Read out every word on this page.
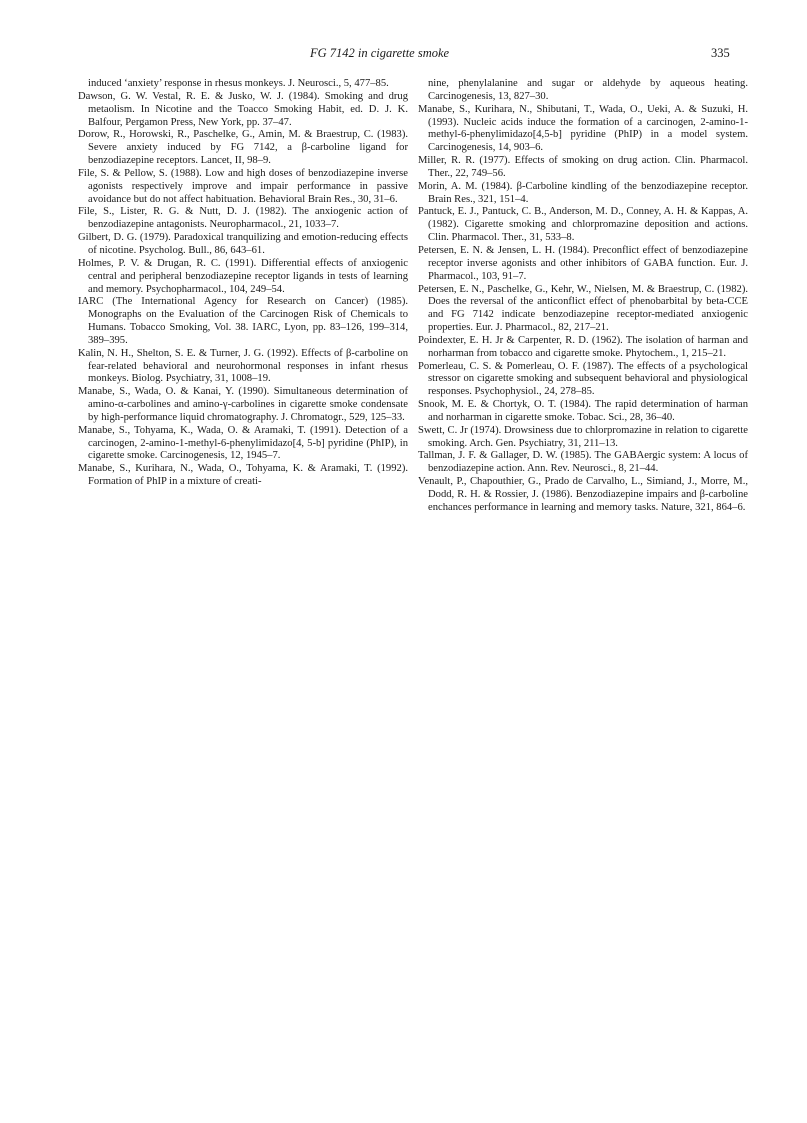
FG 7142 in cigarette smoke	335

induced ‘anxiety’ response in rhesus monkeys. J. Neurosci., 5, 477–85.

Dawson, G. W. Vestal, R. E. & Jusko, W. J. (1984). Smoking and drug metaolism. In Nicotine and the Toacco Smoking Habit, ed. D. J. K. Balfour, Pergamon Press, New York, pp. 37–47.

Dorow, R., Horowski, R., Paschelke, G., Amin, M. & Braestrup, C. (1983). Severe anxiety induced by FG 7142, a β-carboline ligand for benzodiazepine receptors. Lancet, II, 98–9.

File, S. & Pellow, S. (1988). Low and high doses of benzodiazepine inverse agonists respectively improve and impair performance in passive avoidance but do not affect habituation. Behavioral Brain Res., 30, 31–6.

File, S., Lister, R. G. & Nutt, D. J. (1982). The anxiogenic action of benzodiazepine antagonists. Neuropharmacol., 21, 1033–7.

Gilbert, D. G. (1979). Paradoxical tranquilizing and emotion-reducing effects of nicotine. Psycholog. Bull., 86, 643–61.

Holmes, P. V. & Drugan, R. C. (1991). Differential effects of anxiogenic central and peripheral benzodiazepine receptor ligands in tests of learning and memory. Psychopharmacol., 104, 249–54.

IARC (The International Agency for Research on Cancer) (1985). Monographs on the Evaluation of the Carcinogen Risk of Chemicals to Humans. Tobacco Smoking, Vol. 38. IARC, Lyon, pp. 83–126, 199–314, 389–395.

Kalin, N. H., Shelton, S. E. & Turner, J. G. (1992). Effects of β-carboline on fear-related behavioral and neurohormonal responses in infant rhesus monkeys. Biolog. Psychiatry, 31, 1008–19.

Manabe, S., Wada, O. & Kanai, Y. (1990). Simultaneous determination of amino-α-carbolines and amino-γ-carbolines in cigarette smoke condensate by high-performance liquid chromatography. J. Chromatogr., 529, 125–33.

Manabe, S., Tohyama, K., Wada, O. & Aramaki, T. (1991). Detection of a carcinogen, 2-amino-1-methyl-6-phenylimidazo[4, 5-b] pyridine (PhIP), in cigarette smoke. Carcinogenesis, 12, 1945–7.

Manabe, S., Kurihara, N., Wada, O., Tohyama, K. & Aramaki, T. (1992). Formation of PhIP in a mixture of creati-

nine, phenylalanine and sugar or aldehyde by aqueous heating. Carcinogenesis, 13, 827–30.

Manabe, S., Kurihara, N., Shibutani, T., Wada, O., Ueki, A. & Suzuki, H. (1993). Nucleic acids induce the formation of a carcinogen, 2-amino-1-methyl-6-phenylimidazo[4,5-b] pyridine (PhIP) in a model system. Carcinogenesis, 14, 903–6.

Miller, R. R. (1977). Effects of smoking on drug action. Clin. Pharmacol. Ther., 22, 749–56.

Morin, A. M. (1984). β-Carboline kindling of the benzodiazepine receptor. Brain Res., 321, 151–4.

Pantuck, E. J., Pantuck, C. B., Anderson, M. D., Conney, A. H. & Kappas, A. (1982). Cigarette smoking and chlorpromazine deposition and actions. Clin. Pharmacol. Ther., 31, 533–8.

Petersen, E. N. & Jensen, L. H. (1984). Preconflict effect of benzodiazepine receptor inverse agonists and other inhibitors of GABA function. Eur. J. Pharmacol., 103, 91–7.

Petersen, E. N., Paschelke, G., Kehr, W., Nielsen, M. & Braestrup, C. (1982). Does the reversal of the anticonflict effect of phenobarbital by beta-CCE and FG 7142 indicate benzodiazepine receptor-mediated anxiogenic properties. Eur. J. Pharmacol., 82, 217–21.

Poindexter, E. H. Jr & Carpenter, R. D. (1962). The isolation of harman and norharman from tobacco and cigarette smoke. Phytochem., 1, 215–21.

Pomerleau, C. S. & Pomerleau, O. F. (1987). The effects of a psychological stressor on cigarette smoking and subsequent behavioral and physiological responses. Psychophysiol., 24, 278–85.

Snook, M. E. & Chortyk, O. T. (1984). The rapid determination of harman and norharman in cigarette smoke. Tobac. Sci., 28, 36–40.

Swett, C. Jr (1974). Drowsiness due to chlorpromazine in relation to cigarette smoking. Arch. Gen. Psychiatry, 31, 211–13.

Tallman, J. F. & Gallager, D. W. (1985). The GABAergic system: A locus of benzodiazepine action. Ann. Rev. Neurosci., 8, 21–44.

Venault, P., Chapouthier, G., Prado de Carvalho, L., Simiand, J., Morre, M., Dodd, R. H. & Rossier, J. (1986). Benzodiazepine impairs and β-carboline enchances performance in learning and memory tasks. Nature, 321, 864–6.
